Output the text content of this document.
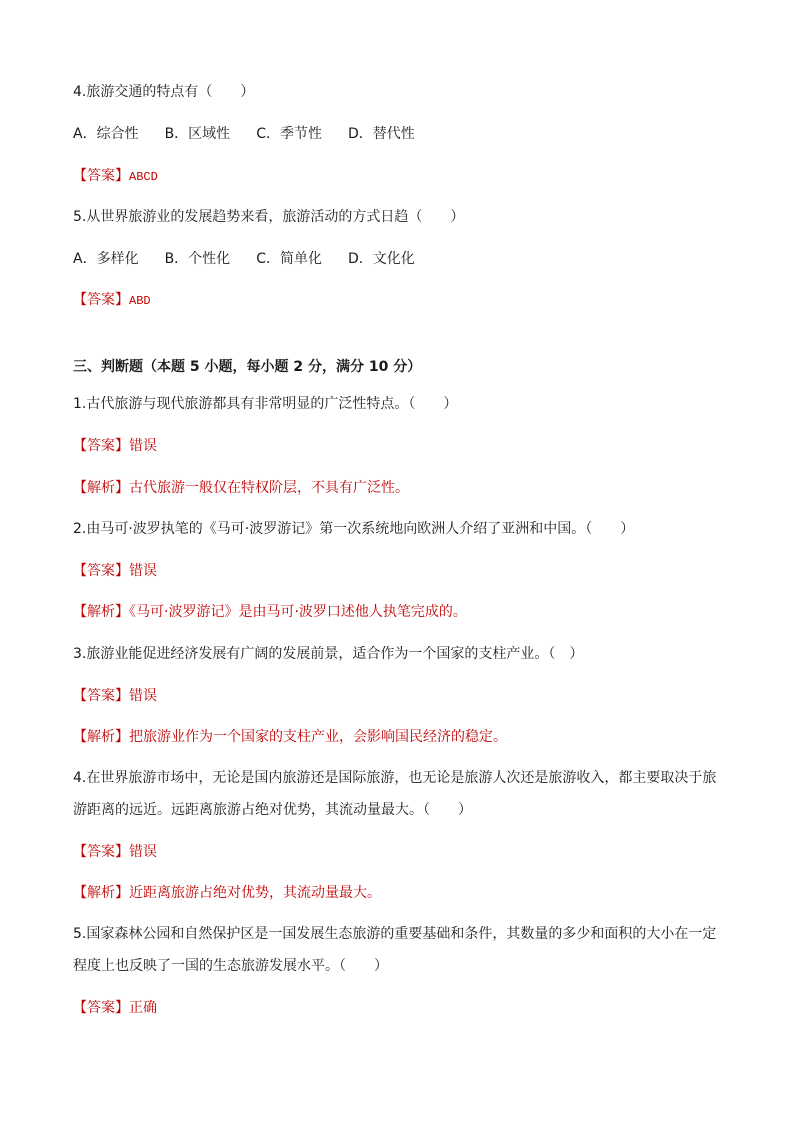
4.旅游交通的特点有（　　）
A．综合性 B．区域性 C．季节性 D．替代性
【答案】ABCD
5.从世界旅游业的发展趋势来看，旅游活动的方式日趋（　　）
A．多样化 B．个性化 C．简单化 D．文化化
【答案】ABD
三、判断题（本题 5 小题，每小题 2 分，满分 10 分）
1.古代旅游与现代旅游都具有非常明显的广泛性特点。（　　）
【答案】错误
【解析】古代旅游一般仅在特权阶层，不具有广泛性。
2.由马可·波罗执笔的《马可·波罗游记》第一次系统地向欧洲人介绍了亚洲和中国。（　　）
【答案】错误
【解析】《马可·波罗游记》是由马可·波罗口述他人执笔完成的。
3.旅游业能促进经济发展有广阔的发展前景，适合作为一个国家的支柱产业。（　）
【答案】错误
【解析】把旅游业作为一个国家的支柱产业，会影响国民经济的稳定。
4.在世界旅游市场中，无论是国内旅游还是国际旅游，也无论是旅游人次还是旅游收入，都主要取决于旅游距离的远近。远距离旅游占绝对优势，其流动量最大。（　　）
【答案】错误
【解析】近距离旅游占绝对优势，其流动量最大。
5.国家森林公园和自然保护区是一国发展生态旅游的重要基础和条件，其数量的多少和面积的大小在一定程度上也反映了一国的生态旅游发展水平。（　　）
【答案】正确
